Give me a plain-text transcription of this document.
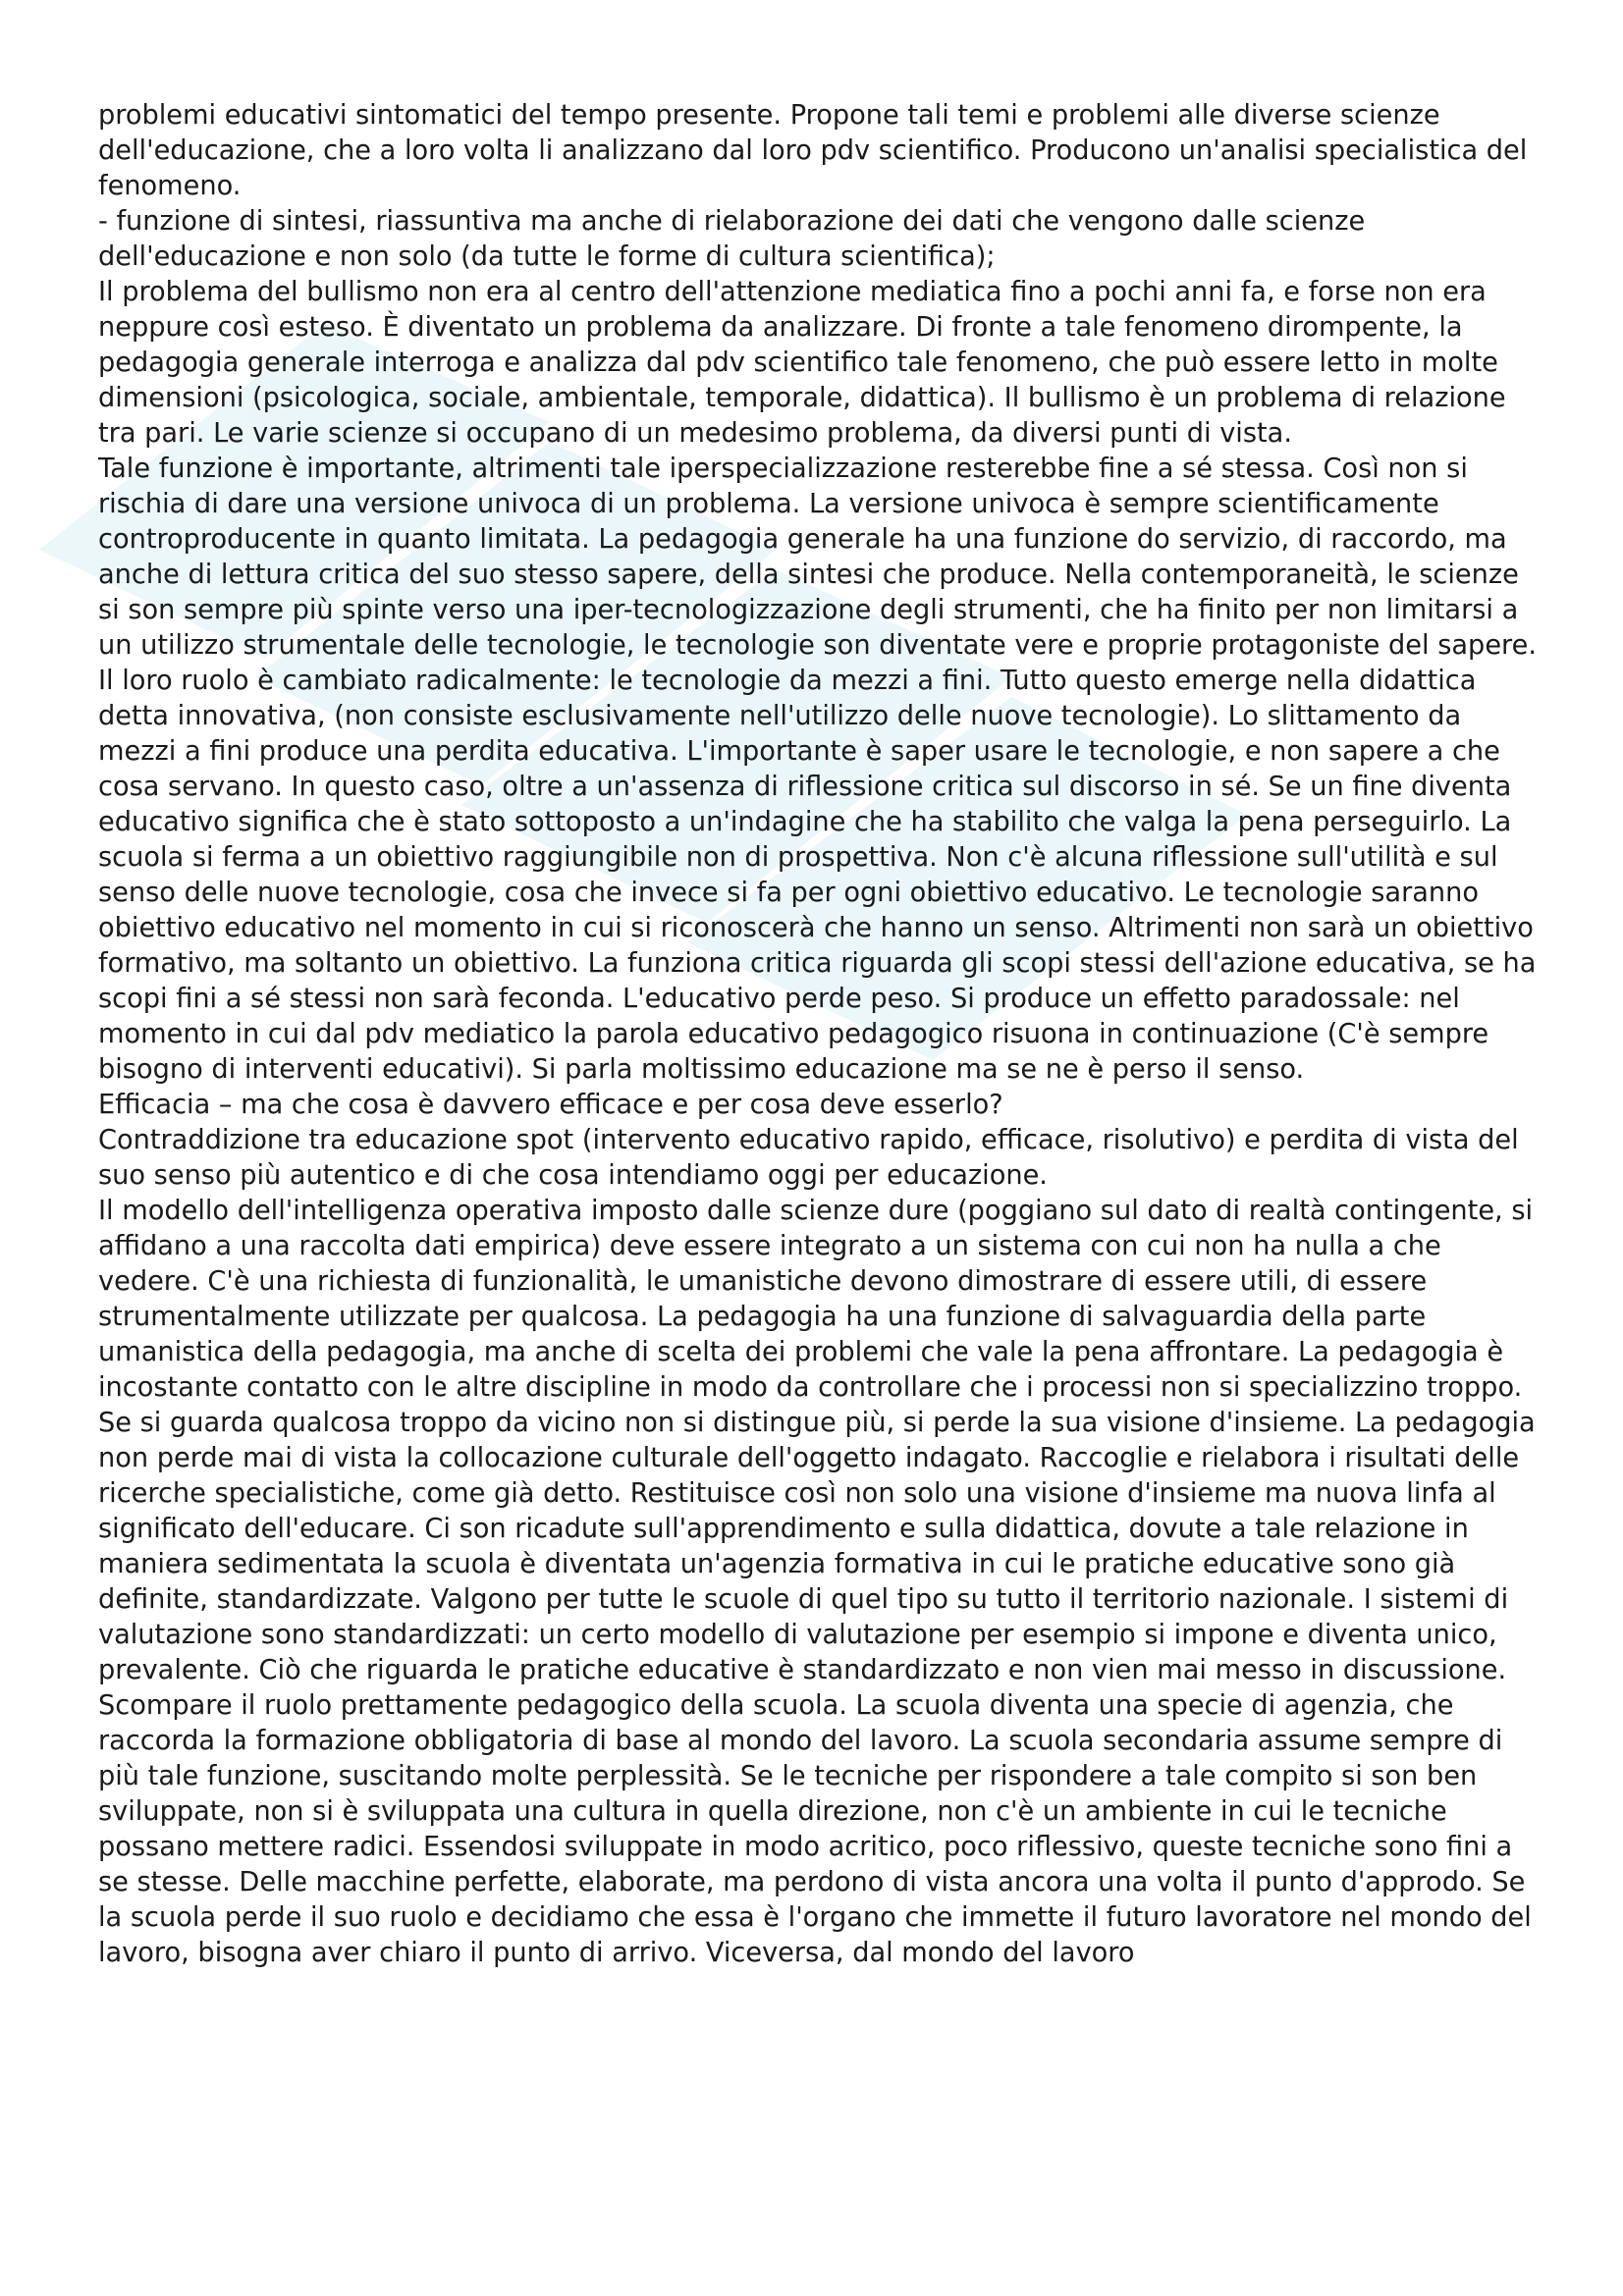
problemi educativi sintomatici del tempo presente. Propone tali temi e problemi alle diverse scienze dell'educazione, che a loro volta li analizzano dal loro pdv scientifico. Producono un'analisi specialistica del fenomeno.

- funzione di sintesi, riassuntiva ma anche di rielaborazione dei dati che vengono dalle scienze dell'educazione e non solo (da tutte le forme di cultura scientifica);

Il problema del bullismo non era al centro dell'attenzione mediatica fino a pochi anni fa, e forse non era neppure così esteso. È diventato un problema da analizzare. Di fronte a tale fenomeno dirompente, la pedagogia generale interroga e analizza dal pdv scientifico tale fenomeno, che può essere letto in molte dimensioni (psicologica, sociale, ambientale, temporale, didattica). Il bullismo è un problema di relazione tra pari. Le varie scienze si occupano di un medesimo problema, da diversi punti di vista.

Tale funzione è importante, altrimenti tale iperspecializzazione resterebbe fine a sé stessa. Così non si rischia di dare una versione univoca di un problema. La versione univoca è sempre scientificamente controproducente in quanto limitata. La pedagogia generale ha una funzione do servizio, di raccordo, ma anche di lettura critica del suo stesso sapere, della sintesi che produce. Nella contemporaneità, le scienze si son sempre più spinte verso una iper-tecnologizzazione degli strumenti, che ha finito per non limitarsi a un utilizzo strumentale delle tecnologie, le tecnologie son diventate vere e proprie protagoniste del sapere. Il loro ruolo è cambiato radicalmente: le tecnologie da mezzi a fini. Tutto questo emerge nella didattica detta innovativa, (non consiste esclusivamente nell'utilizzo delle nuove tecnologie). Lo slittamento da mezzi a fini produce una perdita educativa. L'importante è saper usare le tecnologie, e non sapere a che cosa servano. In questo caso, oltre a un'assenza di riflessione critica sul discorso in sé. Se un fine diventa educativo significa che è stato sottoposto a un'indagine che ha stabilito che valga la pena perseguirlo. La scuola si ferma a un obiettivo raggiungibile non di prospettiva. Non c'è alcuna riflessione sull'utilità e sul senso delle nuove tecnologie, cosa che invece si fa per ogni obiettivo educativo. Le tecnologie saranno obiettivo educativo nel momento in cui si riconoscerà che hanno un senso. Altrimenti non sarà un obiettivo formativo, ma soltanto un obiettivo. La funziona critica riguarda gli scopi stessi dell'azione educativa, se ha scopi fini a sé stessi non sarà feconda. L'educativo perde peso. Si produce un effetto paradossale: nel momento in cui dal pdv mediatico la parola educativo pedagogico risuona in continuazione (C'è sempre bisogno di interventi educativi). Si parla moltissimo educazione ma se ne è perso il senso.

Efficacia – ma che cosa è davvero efficace e per cosa deve esserlo?

Contraddizione tra educazione spot (intervento educativo rapido, efficace, risolutivo) e perdita di vista del suo senso più autentico e di che cosa intendiamo oggi per educazione.

Il modello dell'intelligenza operativa imposto dalle scienze dure (poggiano sul dato di realtà contingente, si affidano a una raccolta dati empirica) deve essere integrato a un sistema con cui non ha nulla a che vedere. C'è una richiesta di funzionalità, le umanistiche devono dimostrare di essere utili, di essere strumentalmente utilizzate per qualcosa. La pedagogia ha una funzione di salvaguardia della parte umanistica della pedagogia, ma anche di scelta dei problemi che vale la pena affrontare. La pedagogia è incostante contatto con le altre discipline in modo da controllare che i processi non si specializzino troppo.

Se si guarda qualcosa troppo da vicino non si distingue più, si perde la sua visione d'insieme. La pedagogia non perde mai di vista la collocazione culturale dell'oggetto indagato. Raccoglie e rielabora i risultati delle ricerche specialistiche, come già detto. Restituisce così non solo una visione d'insieme ma nuova linfa al significato dell'educare. Ci son ricadute sull'apprendimento e sulla didattica, dovute a tale relazione in maniera sedimentata la scuola è diventata un'agenzia formativa in cui le pratiche educative sono già definite, standardizzate. Valgono per tutte le scuole di quel tipo su tutto il territorio nazionale. I sistemi di valutazione sono standardizzati: un certo modello di valutazione per esempio si impone e diventa unico, prevalente. Ciò che riguarda le pratiche educative è standardizzato e non vien mai messo in discussione. Scompare il ruolo prettamente pedagogico della scuola. La scuola diventa una specie di agenzia, che raccorda la formazione obbligatoria di base al mondo del lavoro. La scuola secondaria assume sempre di più tale funzione, suscitando molte perplessità. Se le tecniche per rispondere a tale compito si son ben sviluppate, non si è sviluppata una cultura in quella direzione, non c'è un ambiente in cui le tecniche possano mettere radici. Essendosi sviluppate in modo acritico, poco riflessivo, queste tecniche sono fini a se stesse. Delle macchine perfette, elaborate, ma perdono di vista ancora una volta il punto d'approdo. Se la scuola perde il suo ruolo e decidiamo che essa è l'organo che immette il futuro lavoratore nel mondo del lavoro, bisogna aver chiaro il punto di arrivo. Viceversa, dal mondo del lavoro
